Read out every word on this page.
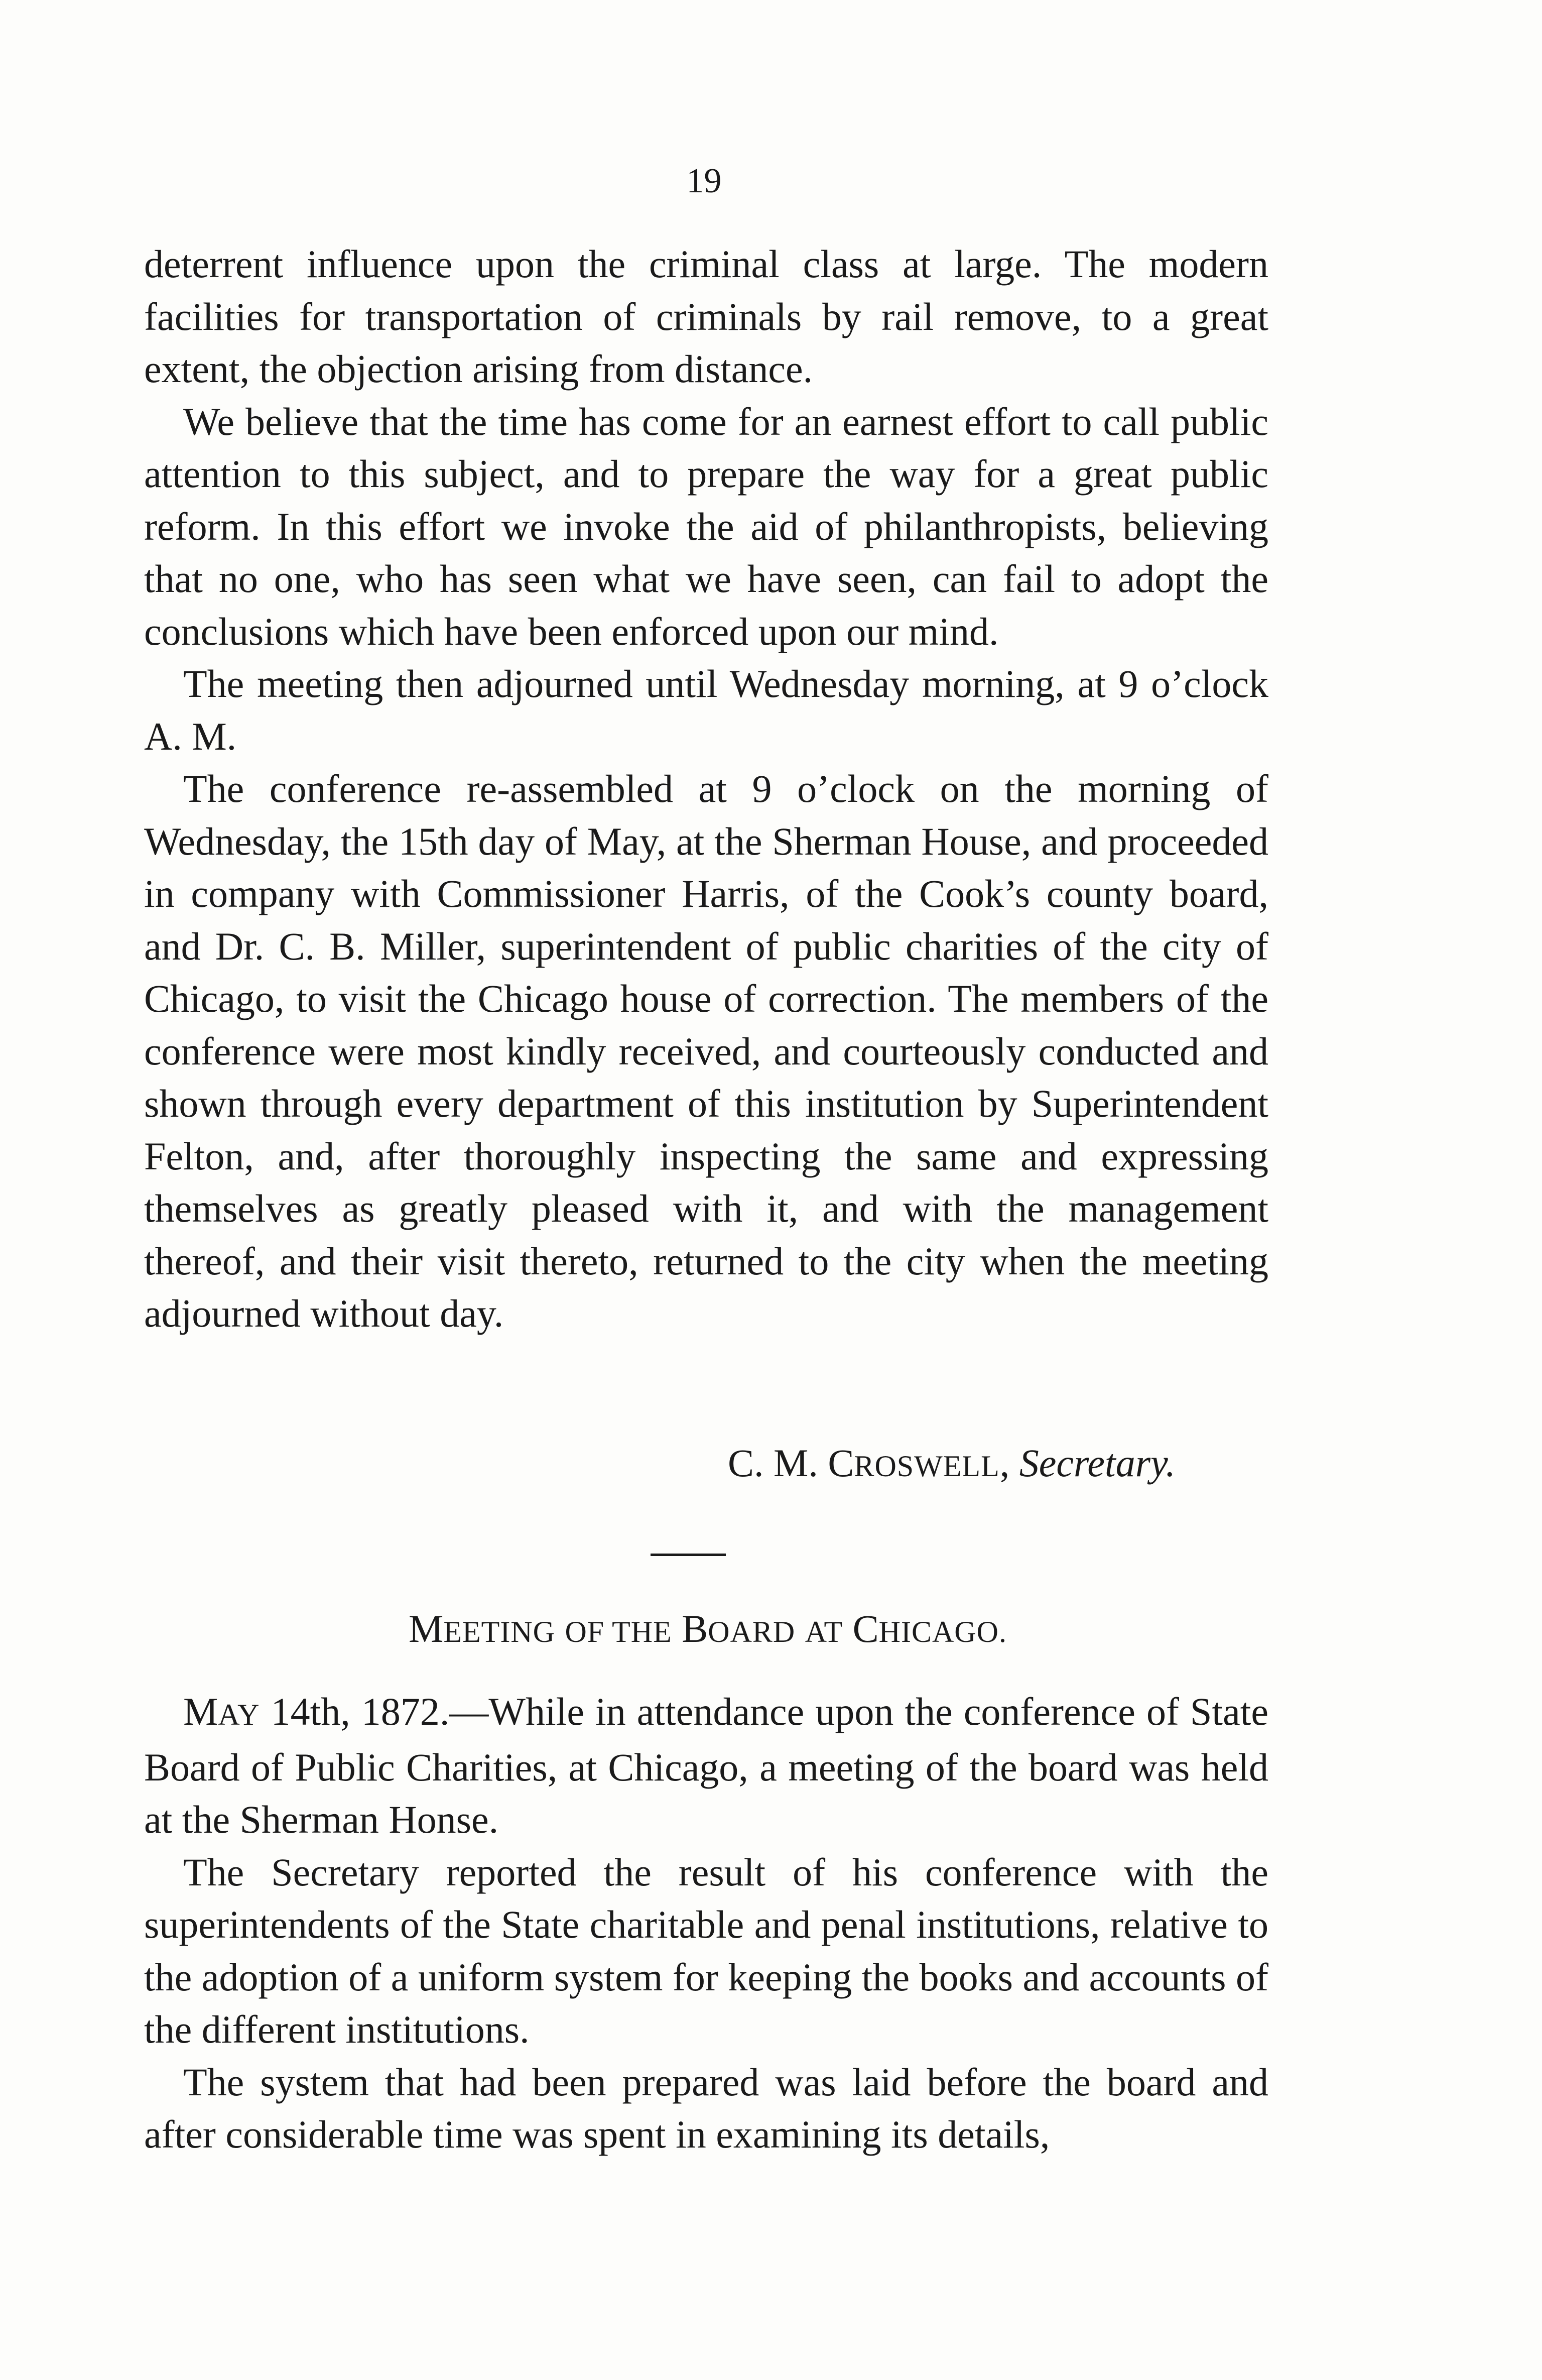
19

deterrent influence upon the criminal class at large. The modern facilities for transportation of criminals by rail remove, to a great extent, the objection arising from distance.

We believe that the time has come for an earnest effort to call public attention to this subject, and to prepare the way for a great public reform. In this effort we invoke the aid of philanthropists, believing that no one, who has seen what we have seen, can fail to adopt the conclusions which have been enforced upon our mind.

The meeting then adjourned until Wednesday morning, at 9 o’clock A. M.

The conference re-assembled at 9 o’clock on the morning of Wednesday, the 15th day of May, at the Sherman House, and proceeded in company with Commissioner Harris, of the Cook’s county board, and Dr. C. B. Miller, superintendent of public charities of the city of Chicago, to visit the Chicago house of correction. The members of the conference were most kindly received, and courteously conducted and shown through every department of this institution by Superintendent Felton, and, after thoroughly inspecting the same and expressing themselves as greatly pleased with it, and with the management thereof, and their visit thereto, returned to the city when the meeting adjourned without day.

C. M. CROSWELL, Secretary.
MEETING OF THE BOARD AT CHICAGO.

MAY 14th, 1872.—While in attendance upon the conference of State Board of Public Charities, at Chicago, a meeting of the board was held at the Sherman Honse.

The Secretary reported the result of his conference with the superintendents of the State charitable and penal institutions, relative to the adoption of a uniform system for keeping the books and accounts of the different institutions.

The system that had been prepared was laid before the board and after considerable time was spent in examining its details,
